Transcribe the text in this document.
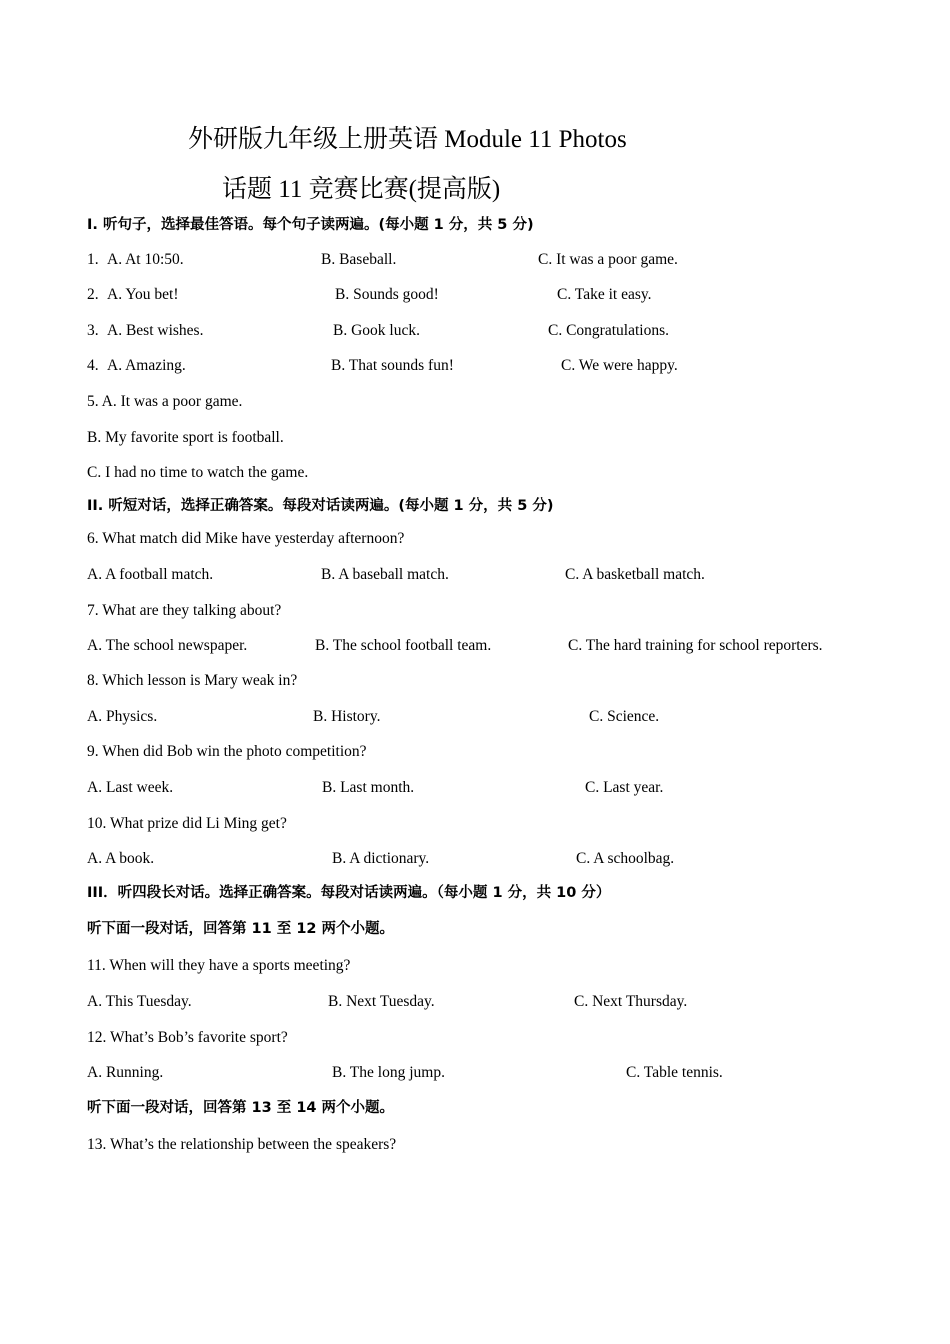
外研版九年级上册英语 Module 11 Photos
话题 11 竞赛比赛(提高版)
I. 听句子，选择最佳答语。每个句子读两遍。(每小题 1 分，共 5 分)
1. A. At 10:50.	B. Baseball.	C. It was a poor game.
2. A. You bet!	B. Sounds good!	C. Take it easy.
3. A. Best wishes.	B. Gook luck.	C. Congratulations.
4. A. Amazing.	B. That sounds fun!	C. We were happy.
5. A. It was a poor game.
B. My favorite sport is football.
C. I had no time to watch the game.
II. 听短对话，选择正确答案。每段对话读两遍。(每小题 1 分，共 5 分)
6. What match did Mike have yesterday afternoon?
A. A football match.	B. A baseball match.	C. A basketball match.
7. What are they talking about?
A. The school newspaper.	B. The school football team.	C. The hard training for school reporters.
8. Which lesson is Mary weak in?
A. Physics.	B. History.	C. Science.
9. When did Bob win the photo competition?
A. Last week.	B. Last month.	C. Last year.
10. What prize did Li Ming get?
A. A book.	B. A dictionary.	C. A schoolbag.
III．听四段长对话。选择正确答案。每段对话读两遍。（每小题 1 分，共 10 分）
听下面一段对话，回答第 11 至 12 两个小题。
11. When will they have a sports meeting?
A. This Tuesday.	B. Next Tuesday.	C. Next Thursday.
12. What’s Bob’s favorite sport?
A. Running.	B. The long jump.	C. Table tennis.
听下面一段对话，回答第 13 至 14 两个小题。
13. What’s the relationship between the speakers?
